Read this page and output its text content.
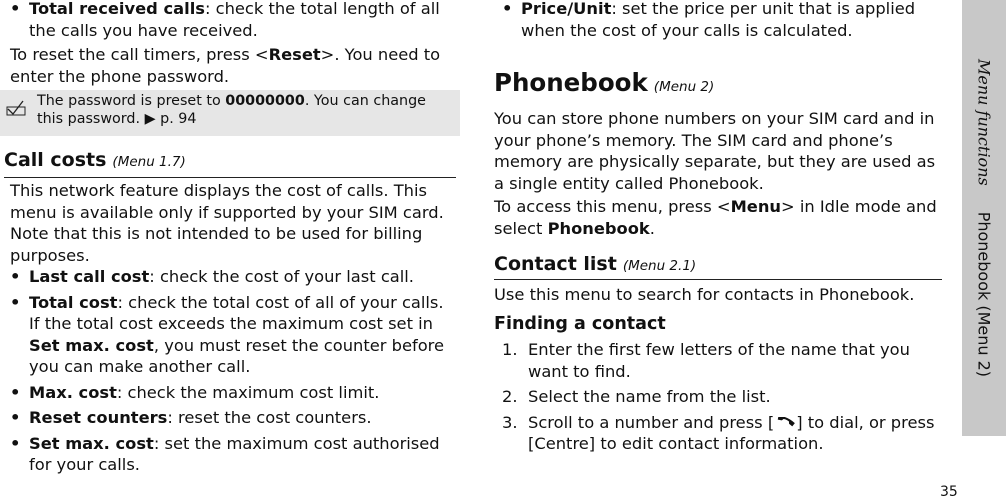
• Total received calls: check the total length of all the calls you have received.

To reset the call timers, press <Reset>. You need to enter the phone password.

The password is preset to 00000000. You can change this password. ▶ p. 94
Call costs (Menu 1.7)

This network feature displays the cost of calls. This menu is available only if supported by your SIM card. Note that this is not intended to be used for billing purposes.

• Last call cost: check the cost of your last call.

• Total cost: check the total cost of all of your calls. If the total cost exceeds the maximum cost set in Set max. cost, you must reset the counter before you can make another call.

• Max. cost: check the maximum cost limit.

• Reset counters: reset the cost counters.

• Set max. cost: set the maximum cost authorised for your calls.

• Price/Unit: set the price per unit that is applied when the cost of your calls is calculated.

Phonebook (Menu 2)

You can store phone numbers on your SIM card and in your phone’s memory. The SIM card and phone’s memory are physically separate, but they are used as a single entity called Phonebook.

To access this menu, press <Menu> in Idle mode and select Phonebook.

Contact list (Menu 2.1)

Use this menu to search for contacts in Phonebook.

Finding a contact

1. Enter the first few letters of the name that you want to find.

2. Select the name from the list.

3. Scroll to a number and press [ ] to dial, or press [Centre] to edit contact information.

Menu functionsPhonebook (Menu 2)
35
